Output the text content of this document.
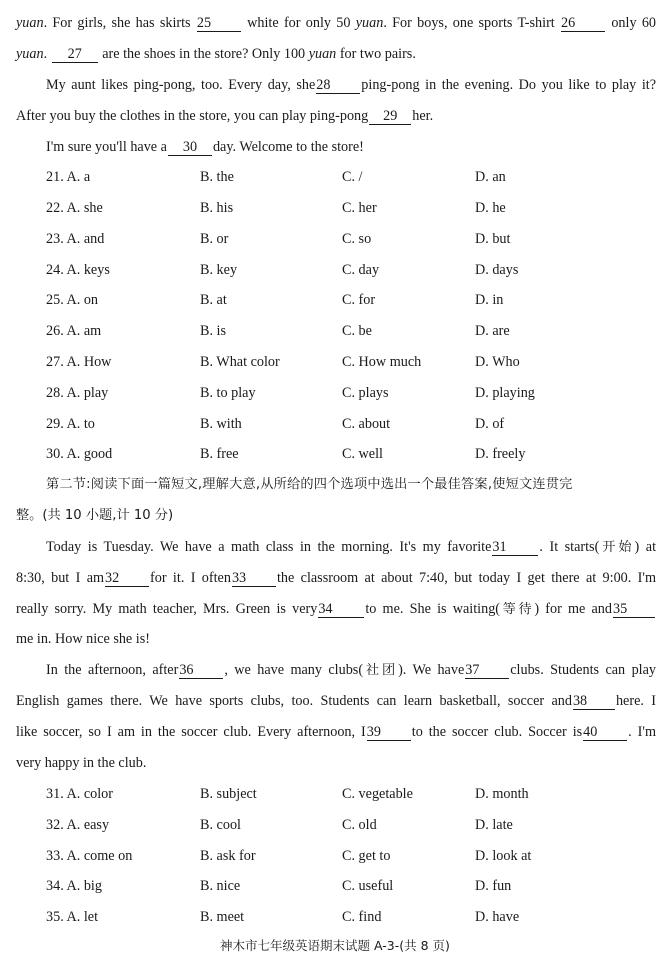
yuan. For girls, she has skirts 25	white for only 50 yuan. For boys, one sports T-shirt 26	only 60
yuan. 27 are the shoes in the store? Only 100 yuan for two pairs.
My aunt likes ping-pong, too. Every day, she28 ping-pong in the evening. Do you like to play it?
After you buy the clothes in the store, you can play ping-pong 29 her.
I'm sure you'll have a 30 day. Welcome to the store!
21. A. a	B. the	C. /	D. an
22. A. she	B. his	C. her	D. he
23. A. and	B. or	C. so	D. but
24. A. keys	B. key	C. day	D. days
25. A. on	B. at	C. for	D. in
26. A. am	B. is	C. be	D. are
27. A. How	B. What color	C. How much	D. Who
28. A. play	B. to play	C. plays	D. playing
29. A. to	B. with	C. about	D. of
30. A. good	B. free	C. well	D. freely
第二节:阅读下面一篇短文,理解大意,从所给的四个选项中选出一个最佳答案,使短文连贯完
整。(共 10 小题,计 10 分)
Today is Tuesday. We have a math class in the morning. It's my favorite31 . It starts(开始) at
8:30, but I am32 for it. I often33 the classroom at about 7:40, but today I get there at 9:00. I'm
really sorry. My math teacher, Mrs. Green is very34 to me. She is waiting(等待) for me and35
me in. How nice she is!
In the afternoon, after36 , we have many clubs(社团). We have37 clubs. Students can play
English games there. We have sports clubs, too. Students can learn basketball, soccer and38 here. I
like soccer, so I am in the soccer club. Every afternoon, I39 to the soccer club. Soccer is40 . I'm
very happy in the club.
31. A. color	B. subject	C. vegetable	D. month
32. A. easy	B. cool	C. old	D. late
33. A. come on	B. ask for	C. get to	D. look at
34. A. big	B. nice	C. useful	D. fun
35. A. let	B. meet	C. find	D. have
神木市七年级英语期末试题 A-3-(共 8 页)
